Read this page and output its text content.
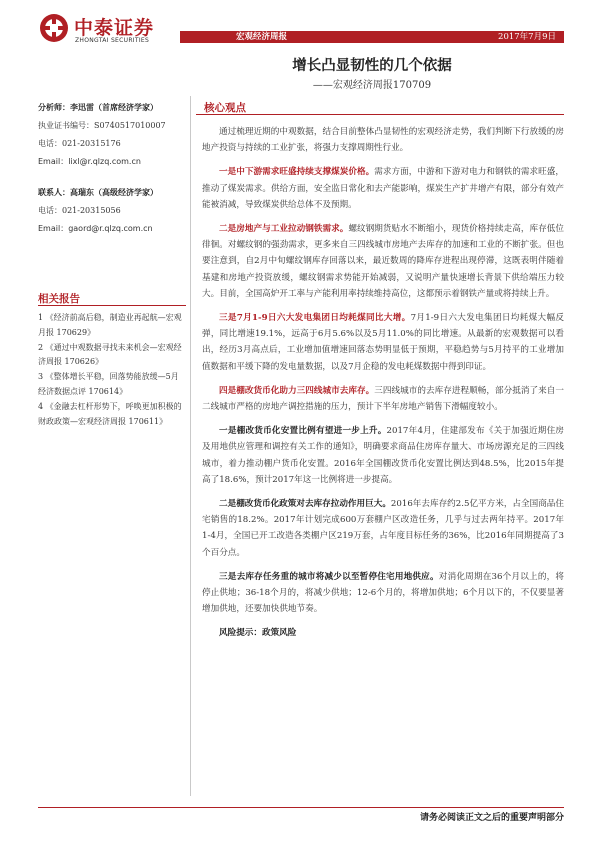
中泰证券
ZHONGTAI SECURITIES	宏观经济周报	2017年7月9日
增长凸显韧性的几个依据
——宏观经济周报170709
分析师：李迅雷（首席经济学家）
执业证书编号：S0740517010007
电话：021-20315176
Email：lixl@r.qlzq.com.cn
联系人：高瑞东（高级经济学家）
电话：021-20315056
Email：gaord@r.qlzq.com.cn
相关报告
1 《经济前高后稳，制造业再起航—宏观月报 170629》
2 《通过中观数据寻找未来机会—宏观经济周报 170626》
3 《整体增长平稳，回落势能放缓—5月经济数据点评 170614》
4 《金融去杠杆形势下，呼唤更加积极的财政政策—宏观经济周报 170611》
核心观点

通过梳理近期的中观数据，结合目前整体凸显韧性的宏观经济走势，我们判断下行放缓的房地产投资与持续的工业扩张，将强力支撑周期性行业。

一是中下游需求旺盛持续支撑煤炭价格。需求方面，中游和下游对电力和钢铁的需求旺盛，推动了煤炭需求。供给方面，安全监日常化和去产能影响，煤炭生产扩井增产有限，部分有效产能被消减，导致煤炭供给总体不及预期。

二是房地产与工业拉动钢铁需求。螺纹钢期货贴水不断缩小，现货价格持续走高，库存低位徘徊。对螺纹钢的强劲需求，更多来自三四线城市房地产去库存的加速和工业的不断扩张。但也要注意到，自2月中旬螺纹钢库存回落以来，最近数周的降库存进程出现停滞，这既表明伴随着基建和房地产投资放缓，螺纹钢需求势能开始减弱，又说明产量快速增长背景下供给端压力较大。目前，全国高炉开工率与产能利用率持续维持高位，这都预示着钢铁产量或将持续上升。

三是7月1-9日六大发电集团日均耗煤同比大增。7月1-9日六大发电集团日均耗煤大幅反弹，同比增速19.1%，远高于6月5.6%以及5月11.0%的同比增速。从最新的宏观数据可以看出，经历3月高点后，工业增加值增速回落态势明显低于预期，平稳趋势与5月持平的工业增加值数据和平缓下降的发电量数据，以及7月企稳的发电耗煤数据中得到印证。

四是棚改货币化助力三四线城市去库存。三四线城市的去库存进程顺畅，部分抵消了来自一二线城市严格的房地产调控措施的压力，预计下半年房地产销售下滑幅度较小。

一是棚改货币化安置比例有望进一步上升。2017年4月，住建部发布《关于加强近期住房及用地供应管理和调控有关工作的通知》，明确要求商品住房库存量大、市场房源充足的三四线城市，着力推动棚户货币化安置。2016年全国棚改货币化安置比例达到48.5%，比2015年提高了18.6%，预计2017年这一比例将进一步提高。

二是棚改货币化政策对去库存拉动作用巨大。2016年去库存约2.5亿平方米，占全国商品住宅销售的18.2%。2017年计划完成600万套棚户区改造任务，几乎与过去两年持平。2017年1-4月，全国已开工改造各类棚户区219万套，占年度目标任务的36%，比2016年同期提高了3个百分点。

三是去库存任务重的城市将减少以至暂停住宅用地供应。对消化周期在36个月以上的，将停止供地；36-18个月的，将减少供地；12-6个月的，将增加供地；6个月以下的，不仅要显著增加供地，还要加快供地节奏。

风险提示：政策风险

请务必阅读正文之后的重要声明部分
